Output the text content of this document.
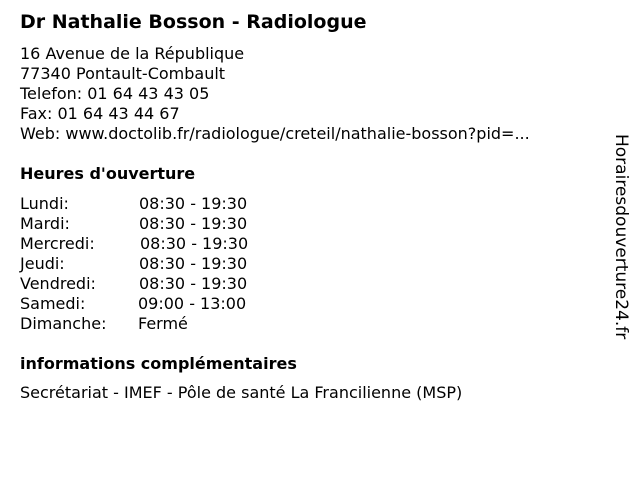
Dr Nathalie Bosson - Radiologue
16 Avenue de la République
77340 Pontault-Combault
Telefon: 01 64 43 43 05
Fax: 01 64 43 44 67
Web: www.doctolib.fr/radiologue/creteil/nathalie-bosson?pid=...
Heures d'ouverture
Lundi:	08:30 - 19:30
Mardi:	08:30 - 19:30
Mercredi:	08:30 - 19:30
Jeudi:	08:30 - 19:30
Vendredi:	08:30 - 19:30
Samedi:	09:00 - 13:00
Dimanche: Fermé
informations complémentaires
Secrétariat - IMEF - Pôle de santé La Francilienne (MSP)
Horairesdouverture24.fr
